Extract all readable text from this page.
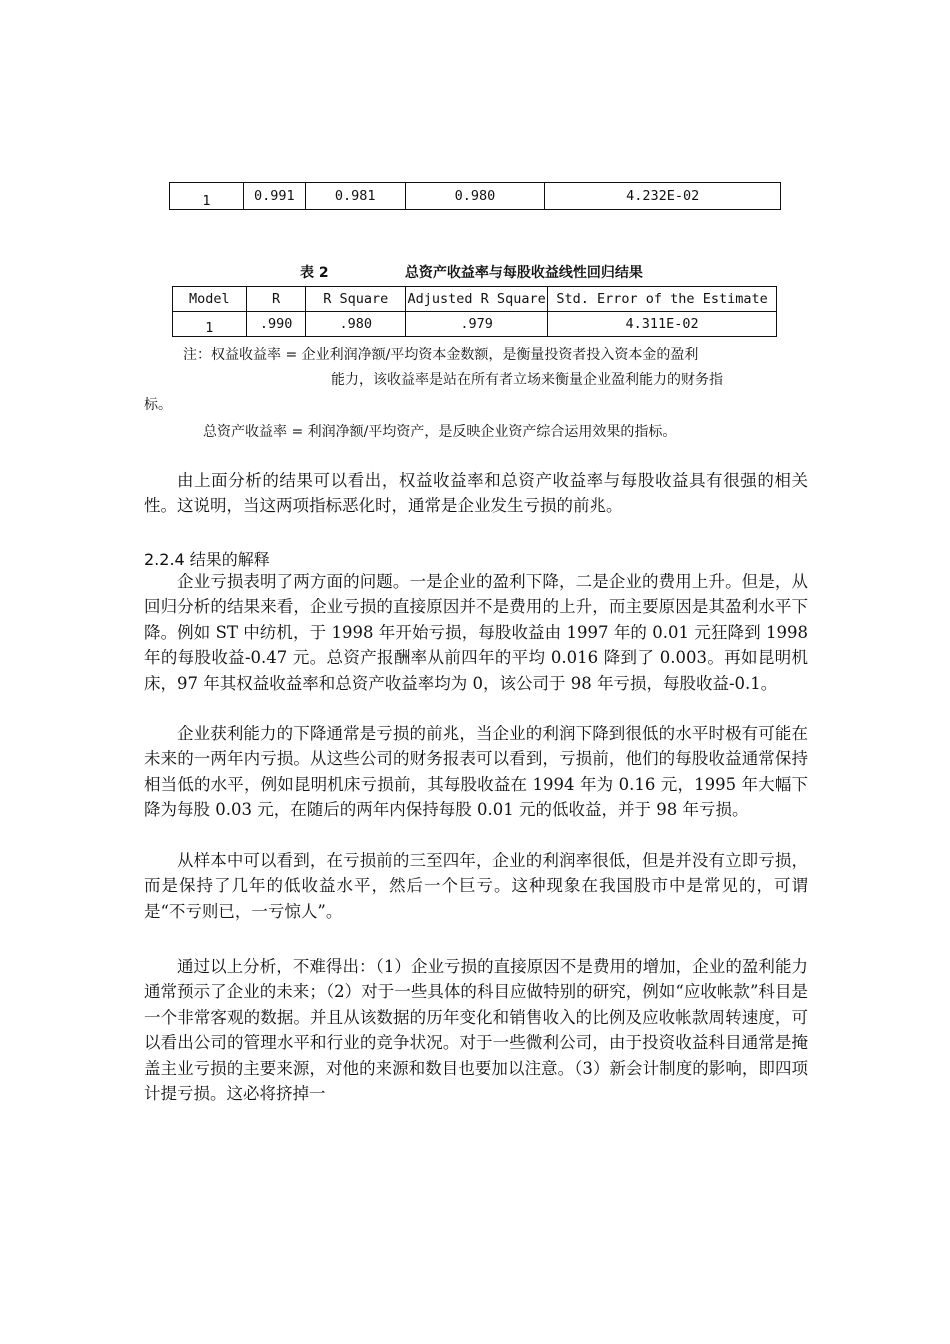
1	0.991	0.981	0.980	4.232E-02
表 2	总资产收益率与每股收益线性回归结果
Model	R	R Square	Adjusted R Square	Std. Error of the Estimate
1	.990	.980	.979	4.311E-02
注：权益收益率 = 企业利润净额/平均资本金数额，是衡量投资者投入资本金的盈利
能力，该收益率是站在所有者立场来衡量企业盈利能力的财务指
标。
总资产收益率 = 利润净额/平均资产，是反映企业资产综合运用效果的指标。

由上面分析的结果可以看出，权益收益率和总资产收益率与每股收益具有很强的相关性。这说明，当这两项指标恶化时，通常是企业发生亏损的前兆。

2.2.4 结果的解释

企业亏损表明了两方面的问题。一是企业的盈利下降，二是企业的费用上升。但是，从回归分析的结果来看，企业亏损的直接原因并不是费用的上升，而主要原因是其盈利水平下降。例如 ST 中纺机，于 1998 年开始亏损，每股收益由 1997 年的 0.01 元狂降到 1998 年的每股收益-0.47 元。总资产报酬率从前四年的平均 0.016 降到了 0.003。再如昆明机床，97 年其权益收益率和总资产收益率均为 0，该公司于 98 年亏损，每股收益-0.1。

企业获利能力的下降通常是亏损的前兆，当企业的利润下降到很低的水平时极有可能在未来的一两年内亏损。从这些公司的财务报表可以看到，亏损前，他们的每股收益通常保持相当低的水平，例如昆明机床亏损前，其每股收益在 1994 年为 0.16 元，1995 年大幅下降为每股 0.03 元，在随后的两年内保持每股 0.01 元的低收益，并于 98 年亏损。

从样本中可以看到，在亏损前的三至四年，企业的利润率很低，但是并没有立即亏损，而是保持了几年的低收益水平，然后一个巨亏。这种现象在我国股市中是常见的，可谓是“不亏则已，一亏惊人”。

通过以上分析，不难得出：（1）企业亏损的直接原因不是费用的增加，企业的盈利能力通常预示了企业的未来；（2）对于一些具体的科目应做特别的研究，例如“应收帐款”科目是一个非常客观的数据。并且从该数据的历年变化和销售收入的比例及应收帐款周转速度，可以看出公司的管理水平和行业的竞争状况。对于一些微利公司，由于投资收益科目通常是掩盖主业亏损的主要来源，对他的来源和数目也要加以注意。（3）新会计制度的影响，即四项计提亏损。这必将挤掉一
